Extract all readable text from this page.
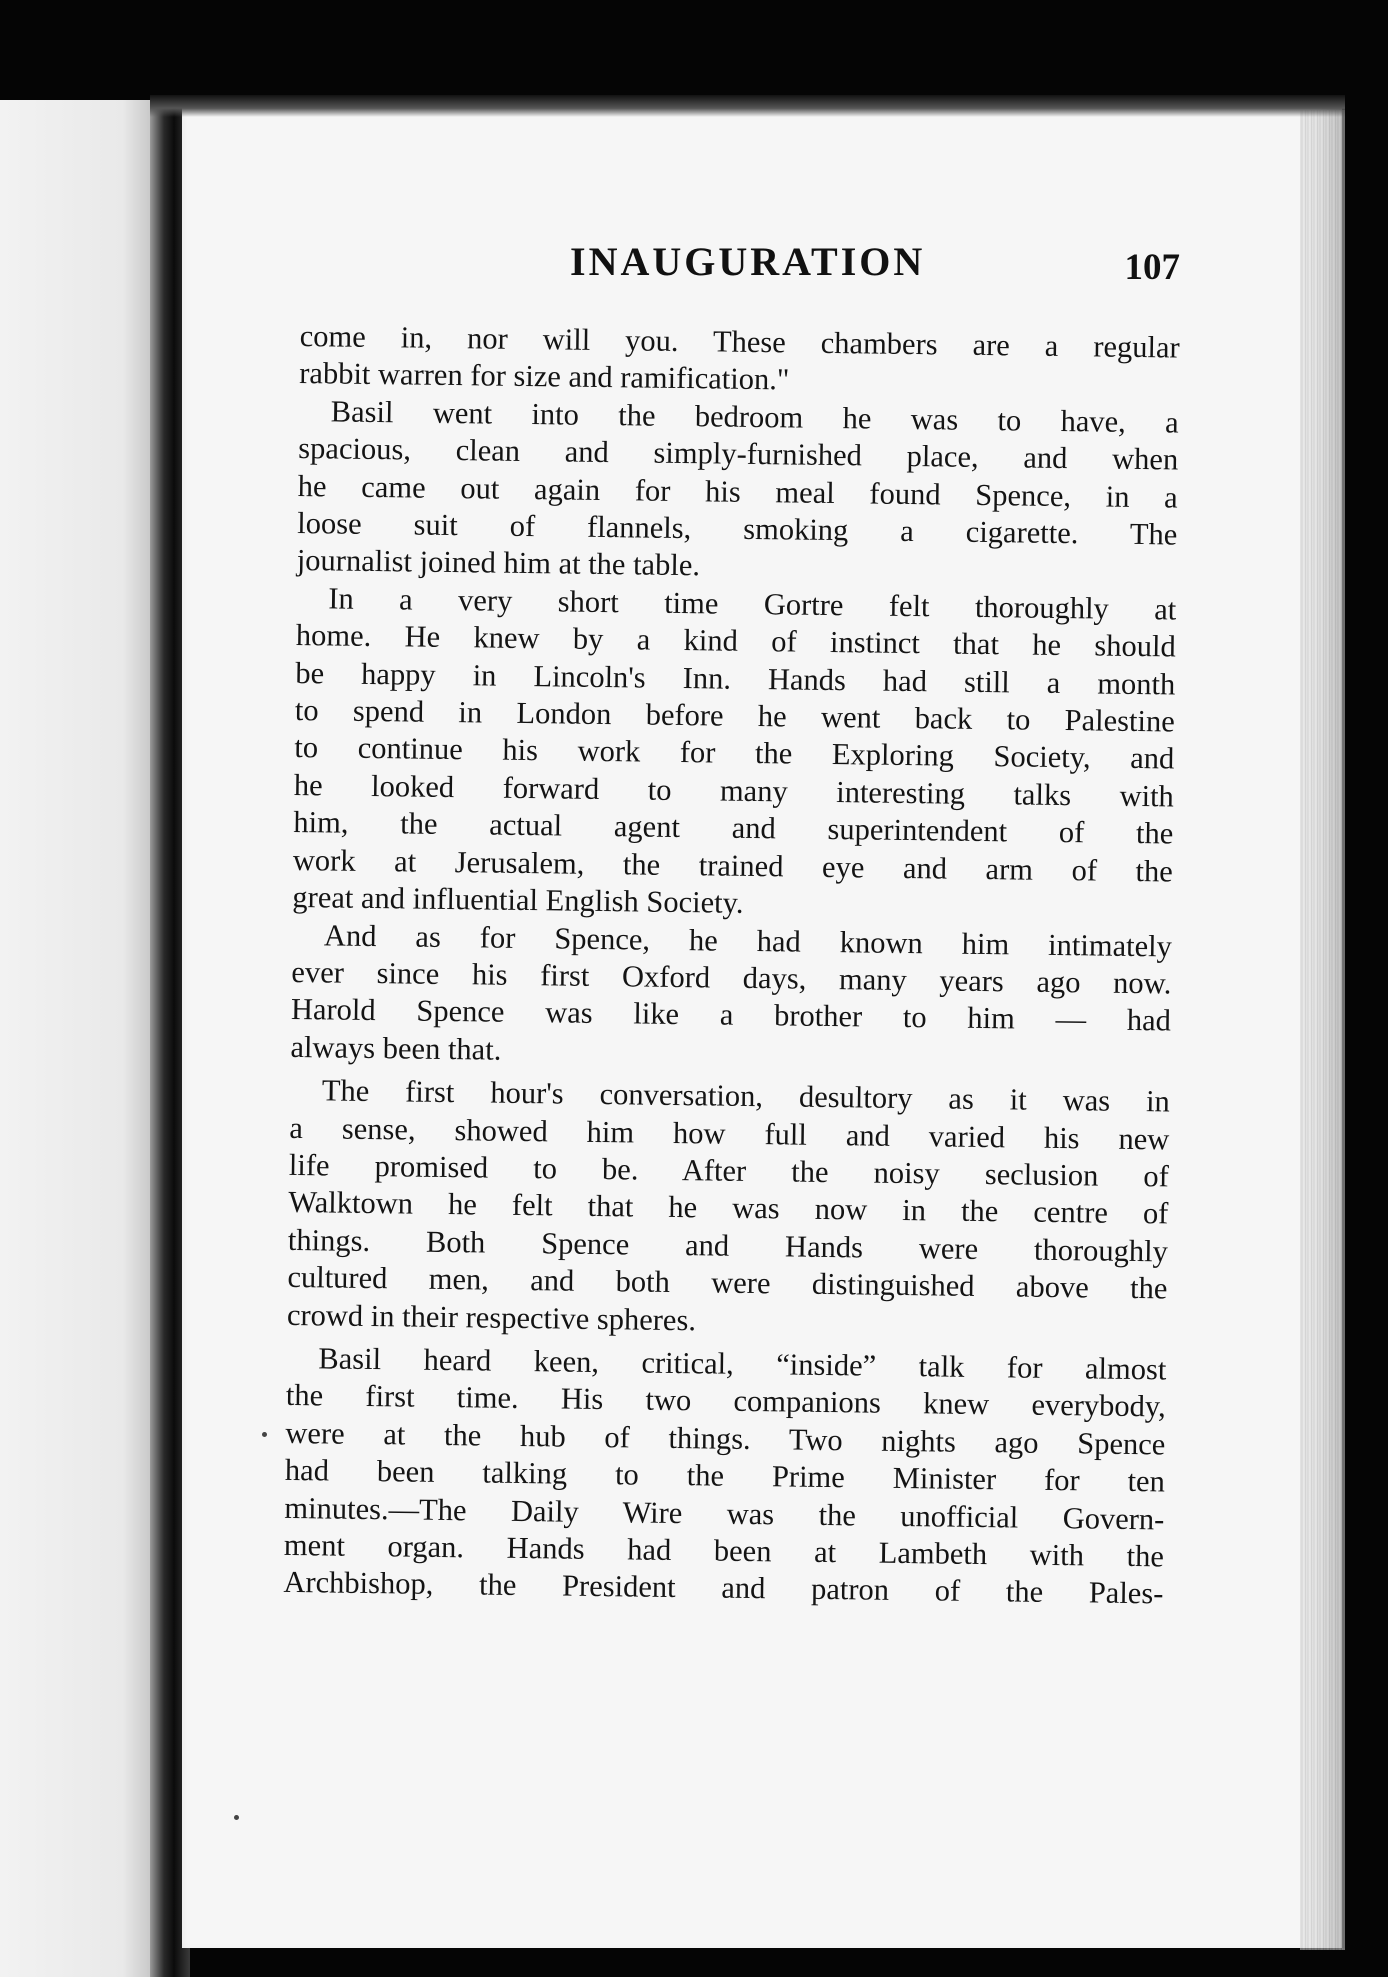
INAUGURATION	107
come in, nor will you. These chambers are a regular
rabbit warren for size and ramification."
Basil went into the bedroom he was to have, a
spacious, clean and simply-furnished place, and when
he came out again for his meal found Spence, in a
loose suit of flannels, smoking a cigarette. The
journalist joined him at the table.
In a very short time Gortre felt thoroughly at
home. He knew by a kind of instinct that he should
be happy in Lincoln's Inn. Hands had still a month
to spend in London before he went back to Palestine
to continue his work for the Exploring Society, and
he looked forward to many interesting talks with
him, the actual agent and superintendent of the
work at Jerusalem, the trained eye and arm of the
great and influential English Society.
And as for Spence, he had known him intimately
ever since his first Oxford days, many years ago now.
Harold Spence was like a brother to him — had
always been that.
The first hour's conversation, desultory as it was in
a sense, showed him how full and varied his new
life promised to be. After the noisy seclusion of
Walktown he felt that he was now in the centre of
things. Both Spence and Hands were thoroughly
cultured men, and both were distinguished above the
crowd in their respective spheres.
Basil heard keen, critical, “inside” talk for almost
the first time. His two companions knew everybody,
were at the hub of things. Two nights ago Spence
had been talking to the Prime Minister for ten
minutes.—The Daily Wire was the unofficial Govern-
ment organ. Hands had been at Lambeth with the
Archbishop, the President and patron of the Pales-
